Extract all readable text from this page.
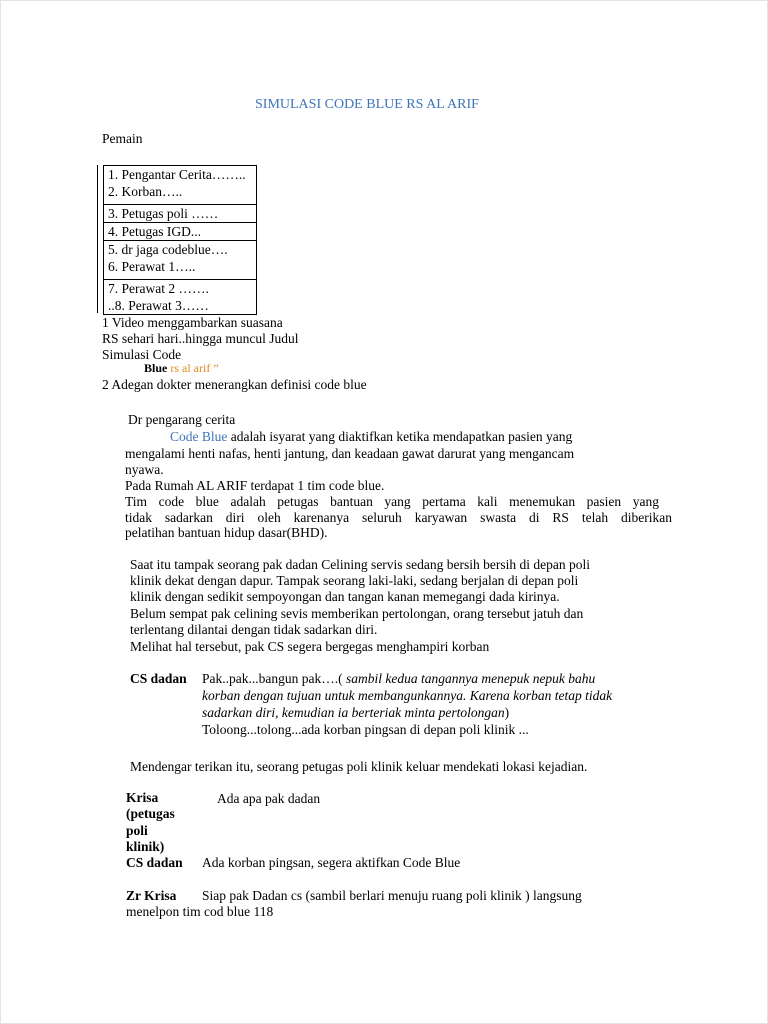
SIMULASI CODE BLUE RS AL ARIF
Pemain
1. Pengantar Cerita……..
2. Korban…..
3. Petugas poli ……
4. Petugas IGD...
5. dr jaga codeblue….
6. Perawat 1…..
7. Perawat 2 …….
..8. Perawat 3……
1 Video menggambarkan suasana
RS sehari hari..hingga muncul Judul
Simulasi Code
Blue rs al arif ”
2 Adegan dokter menerangkan definisi code blue
Dr pengarang cerita
Code Blue adalah isyarat yang diaktifkan ketika mendapatkan pasien yang
mengalami henti nafas, henti jantung, dan keadaan gawat darurat yang mengancam
nyawa.
Pada Rumah AL ARIF terdapat 1 tim code blue.
Tim code blue adalah petugas bantuan yang pertama kali menemukan pasien yang
tidak sadarkan diri oleh karenanya seluruh karyawan swasta di RS telah diberikan
pelatihan bantuan hidup dasar(BHD).
Saat itu tampak seorang pak dadan Celining servis sedang bersih bersih di depan poli
klinik dekat dengan dapur. Tampak seorang laki-laki, sedang berjalan di depan poli
klinik dengan sedikit sempoyongan dan tangan kanan memegangi dada kirinya.
Belum sempat pak celining sevis memberikan pertolongan, orang tersebut jatuh dan
terlentang dilantai dengan tidak sadarkan diri.
Melihat hal tersebut, pak CS segera bergegas menghampiri korban
CS dadan Pak..pak...bangun pak….( sambil kedua tangannya menepuk nepuk bahu
korban dengan tujuan untuk membangunkannya. Karena korban tetap tidak
sadarkan diri, kemudian ia berteriak minta pertolongan)
Toloong...tolong...ada korban pingsan di depan poli klinik ...
Mendengar terikan itu, seorang petugas poli klinik keluar mendekati lokasi kejadian.
Krisa
(petugas
poli
klinik)
Ada apa pak dadan
CS dadan Ada korban pingsan, segera aktifkan Code Blue
Zr Krisa Siap pak Dadan cs (sambil berlari menuju ruang poli klinik ) langsung
menelpon tim cod blue 118
